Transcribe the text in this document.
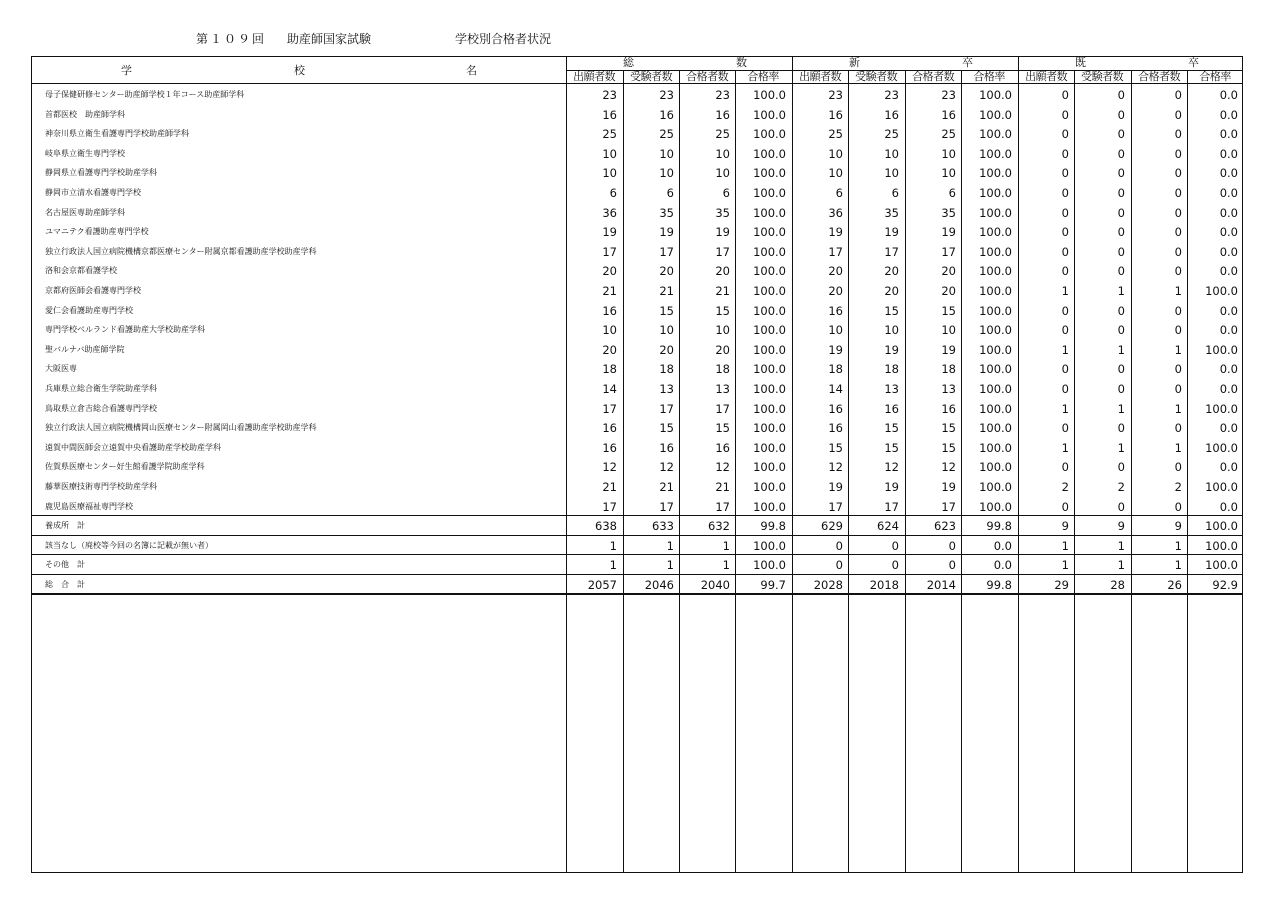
第１０９回 助産師国家試験	学校別合格者状況
学	校	名
総	数	新	卒	既	卒
出願者数	受験者数	合格者数	合格率	出願者数	受験者数	合格者数	合格率	出願者数	受験者数	合格者数	合格率
母子保健研修センター助産師学校１年コース助産師学科	23	23	23	100.0	23	23	23	100.0	0	0	0	0.0
首都医校　助産師学科	16	16	16	100.0	16	16	16	100.0	0	0	0	0.0
神奈川県立衛生看護専門学校助産師学科	25	25	25	100.0	25	25	25	100.0	0	0	0	0.0
岐阜県立衛生専門学校	10	10	10	100.0	10	10	10	100.0	0	0	0	0.0
静岡県立看護専門学校助産学科	10	10	10	100.0	10	10	10	100.0	0	0	0	0.0
静岡市立清水看護専門学校	6	6	6	100.0	6	6	6	100.0	0	0	0	0.0
名古屋医専助産師学科	36	35	35	100.0	36	35	35	100.0	0	0	0	0.0
ユマニテク看護助産専門学校	19	19	19	100.0	19	19	19	100.0	0	0	0	0.0
独立行政法人国立病院機構京都医療センター附属京都看護助産学校助産学科	17	17	17	100.0	17	17	17	100.0	0	0	0	0.0
洛和会京都看護学校	20	20	20	100.0	20	20	20	100.0	0	0	0	0.0
京都府医師会看護専門学校	21	21	21	100.0	20	20	20	100.0	1	1	1	100.0
愛仁会看護助産専門学校	16	15	15	100.0	16	15	15	100.0	0	0	0	0.0
専門学校ベルランド看護助産大学校助産学科	10	10	10	100.0	10	10	10	100.0	0	0	0	0.0
聖バルナバ助産師学院	20	20	20	100.0	19	19	19	100.0	1	1	1	100.0
大阪医専	18	18	18	100.0	18	18	18	100.0	0	0	0	0.0
兵庫県立総合衛生学院助産学科	14	13	13	100.0	14	13	13	100.0	0	0	0	0.0
鳥取県立倉吉総合看護専門学校	17	17	17	100.0	16	16	16	100.0	1	1	1	100.0
独立行政法人国立病院機構岡山医療センター附属岡山看護助産学校助産学科	16	15	15	100.0	16	15	15	100.0	0	0	0	0.0
遠賀中間医師会立遠賀中央看護助産学校助産学科	16	16	16	100.0	15	15	15	100.0	1	1	1	100.0
佐賀県医療センター好生館看護学院助産学科	12	12	12	100.0	12	12	12	100.0	0	0	0	0.0
藤華医療技術専門学校助産学科	21	21	21	100.0	19	19	19	100.0	2	2	2	100.0
鹿児島医療福祉専門学校	17	17	17	100.0	17	17	17	100.0	0	0	0	0.0
養成所　計	638	633	632	99.8	629	624	623	99.8	9	9	9	100.0
該当なし（廃校等今回の名簿に記載が無い者）	1	1	1	100.0	0	0	0	0.0	1	1	1	100.0
その他　計	1	1	1	100.0	0	0	0	0.0	1	1	1	100.0
総　合　計	2057	2046	2040	99.7	2028	2018	2014	99.8	29	28	26	92.9
